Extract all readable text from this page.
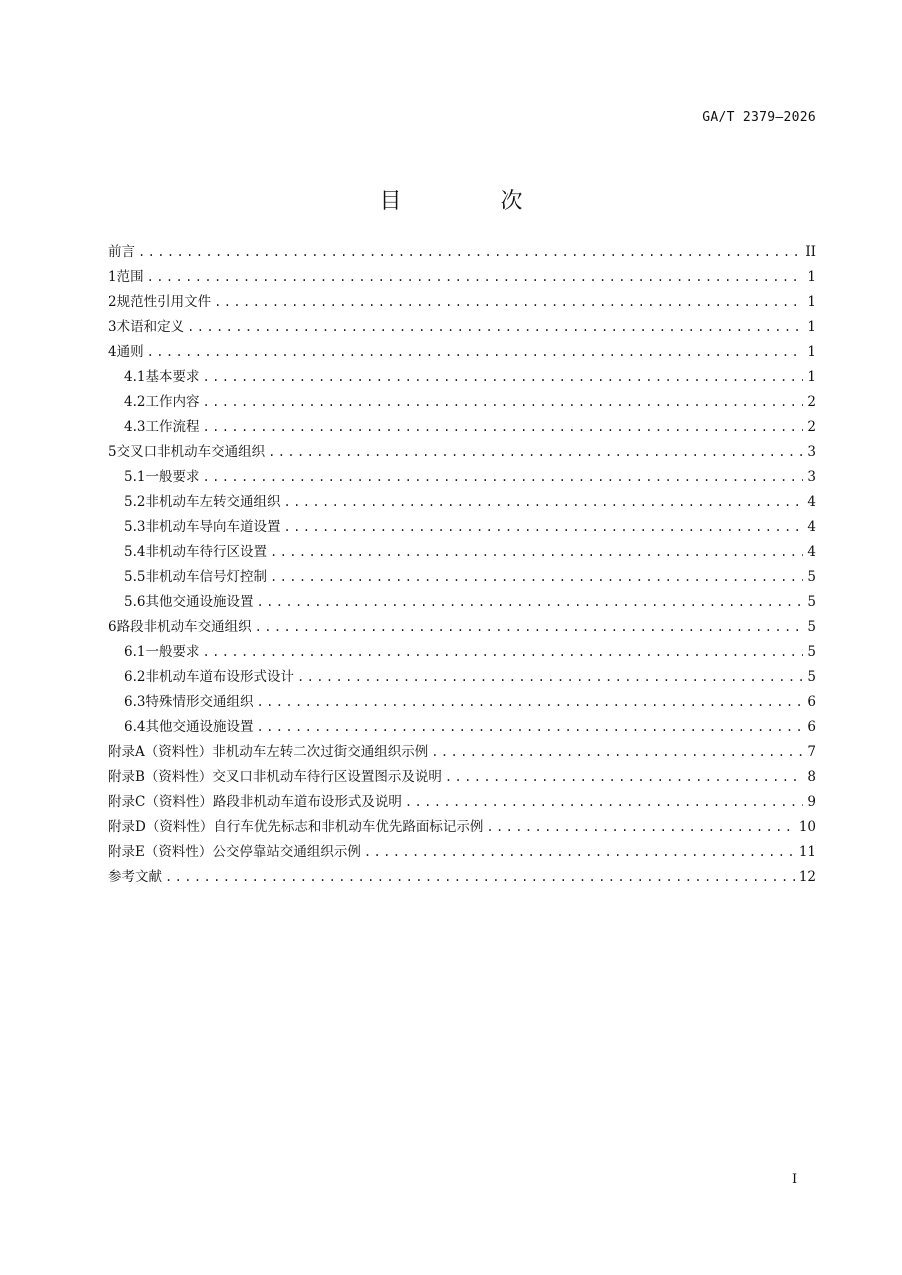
GA/T 2379—2026
目 次
前言 .....	II
1 范围 .....	1
2 规范性引用文件 .....	1
3 术语和定义 .....	1
4 通则 .....	1
4.1 基本要求 .....	1
4.2 工作内容 .....	2
4.3 工作流程 .....	2
5 交叉口非机动车交通组织 .....	3
5.1 一般要求 .....	3
5.2 非机动车左转交通组织 .....	4
5.3 非机动车导向车道设置 .....	4
5.4 非机动车待行区设置 .....	4
5.5 非机动车信号灯控制 .....	5
5.6 其他交通设施设置 .....	5
6 路段非机动车交通组织 .....	5
6.1 一般要求 .....	5
6.2 非机动车道布设形式设计 .....	5
6.3 特殊情形交通组织 .....	6
6.4 其他交通设施设置 .....	6
附录A（资料性） 非机动车左转二次过街交通组织示例 .....	7
附录B（资料性） 交叉口非机动车待行区设置图示及说明 .....	8
附录C（资料性） 路段非机动车道布设形式及说明 .....	9
附录D（资料性） 自行车优先标志和非机动车优先路面标记示例 .....	10
附录E（资料性） 公交停靠站交通组织示例 .....	11
参考文献 .....	12
I
